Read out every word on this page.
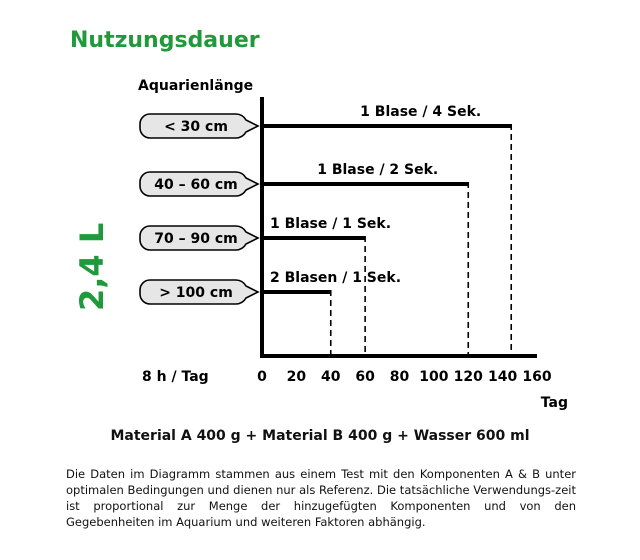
Nutzungsdauer
2,4 L
Aquarienlänge
8 h / Tag	0 20 40 60 80 100 120 140 160
Tag
1 Blase / 4 Sek.
< 30 cm
1 Blase / 2 Sek.
40 – 60 cm
1 Blase / 1 Sek.
70 – 90 cm
2 Blasen / 1 Sek.
> 100 cm

Material A 400 g + Material B 400 g + Wasser 600 ml

Die Daten im Diagramm stammen aus einem Test mit den Komponenten A & B unter optimalen Bedingungen und dienen nur als Referenz. Die tatsächliche Verwendungs-zeit ist proportional zur Menge der hinzugefügten Komponenten und von den Gegebenheiten im Aquarium und weiteren Faktoren abhängig.
